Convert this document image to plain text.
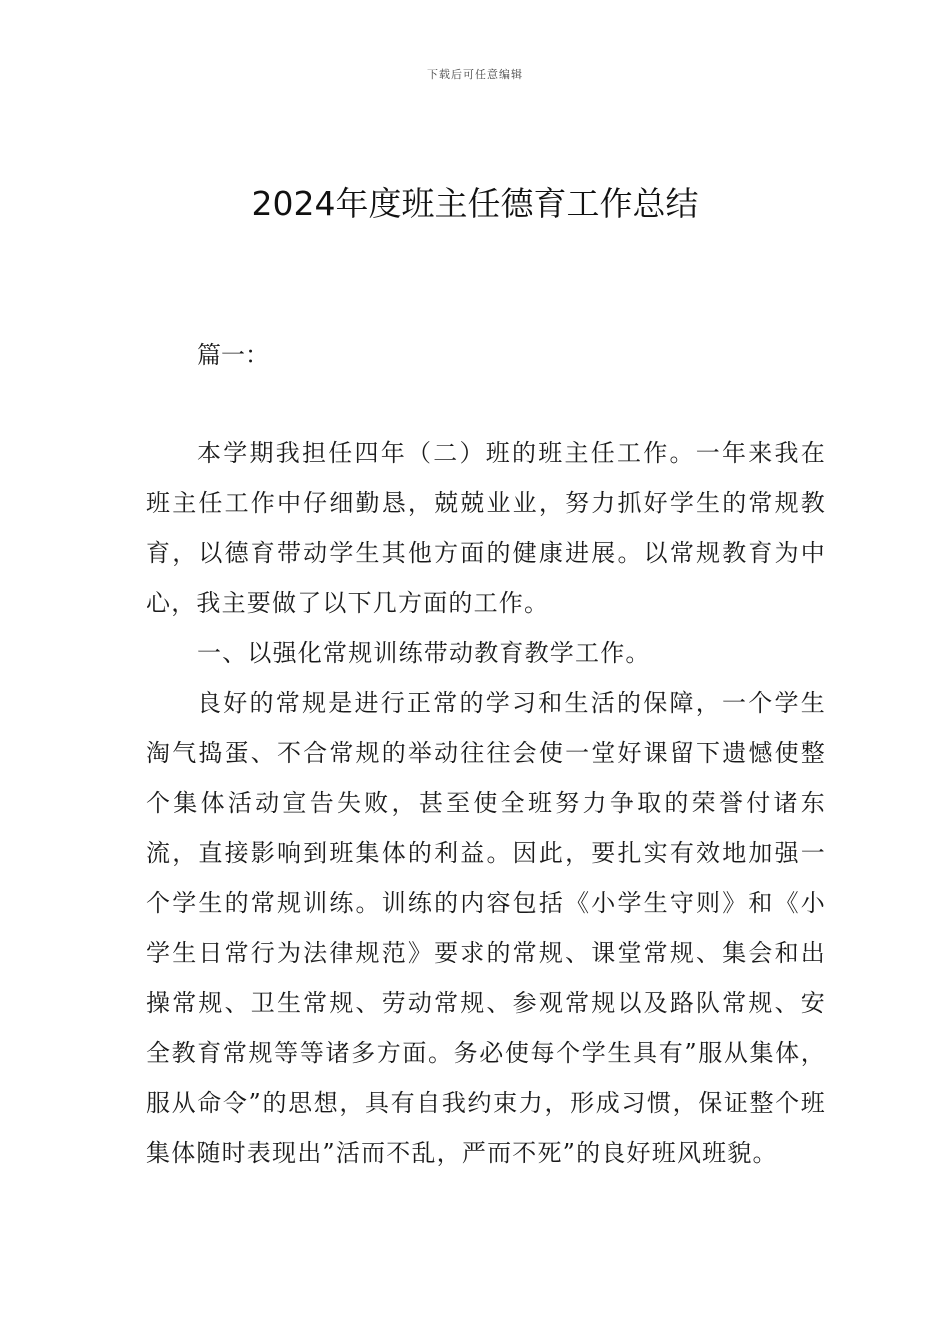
下载后可任意编辑
2024年度班主任德育工作总结

篇一：

本学期我担任四年（二）班的班主任工作。一年来我在班主任工作中仔细勤恳，兢兢业业，努力抓好学生的常规教育，以德育带动学生其他方面的健康进展。以常规教育为中心，我主要做了以下几方面的工作。

一、以强化常规训练带动教育教学工作。

良好的常规是进行正常的学习和生活的保障，一个学生淘气捣蛋、不合常规的举动往往会使一堂好课留下遗憾使整个集体活动宣告失败，甚至使全班努力争取的荣誉付诸东流，直接影响到班集体的利益。因此，要扎实有效地加强一个学生的常规训练。训练的内容包括《小学生守则》和《小学生日常行为法律规范》要求的常规、课堂常规、集会和出操常规、卫生常规、劳动常规、参观常规以及路队常规、安全教育常规等等诸多方面。务必使每个学生具有”服从集体，服从命令”的思想，具有自我约束力，形成习惯，保证整个班集体随时表现出”活而不乱，严而不死”的良好班风班貌。
